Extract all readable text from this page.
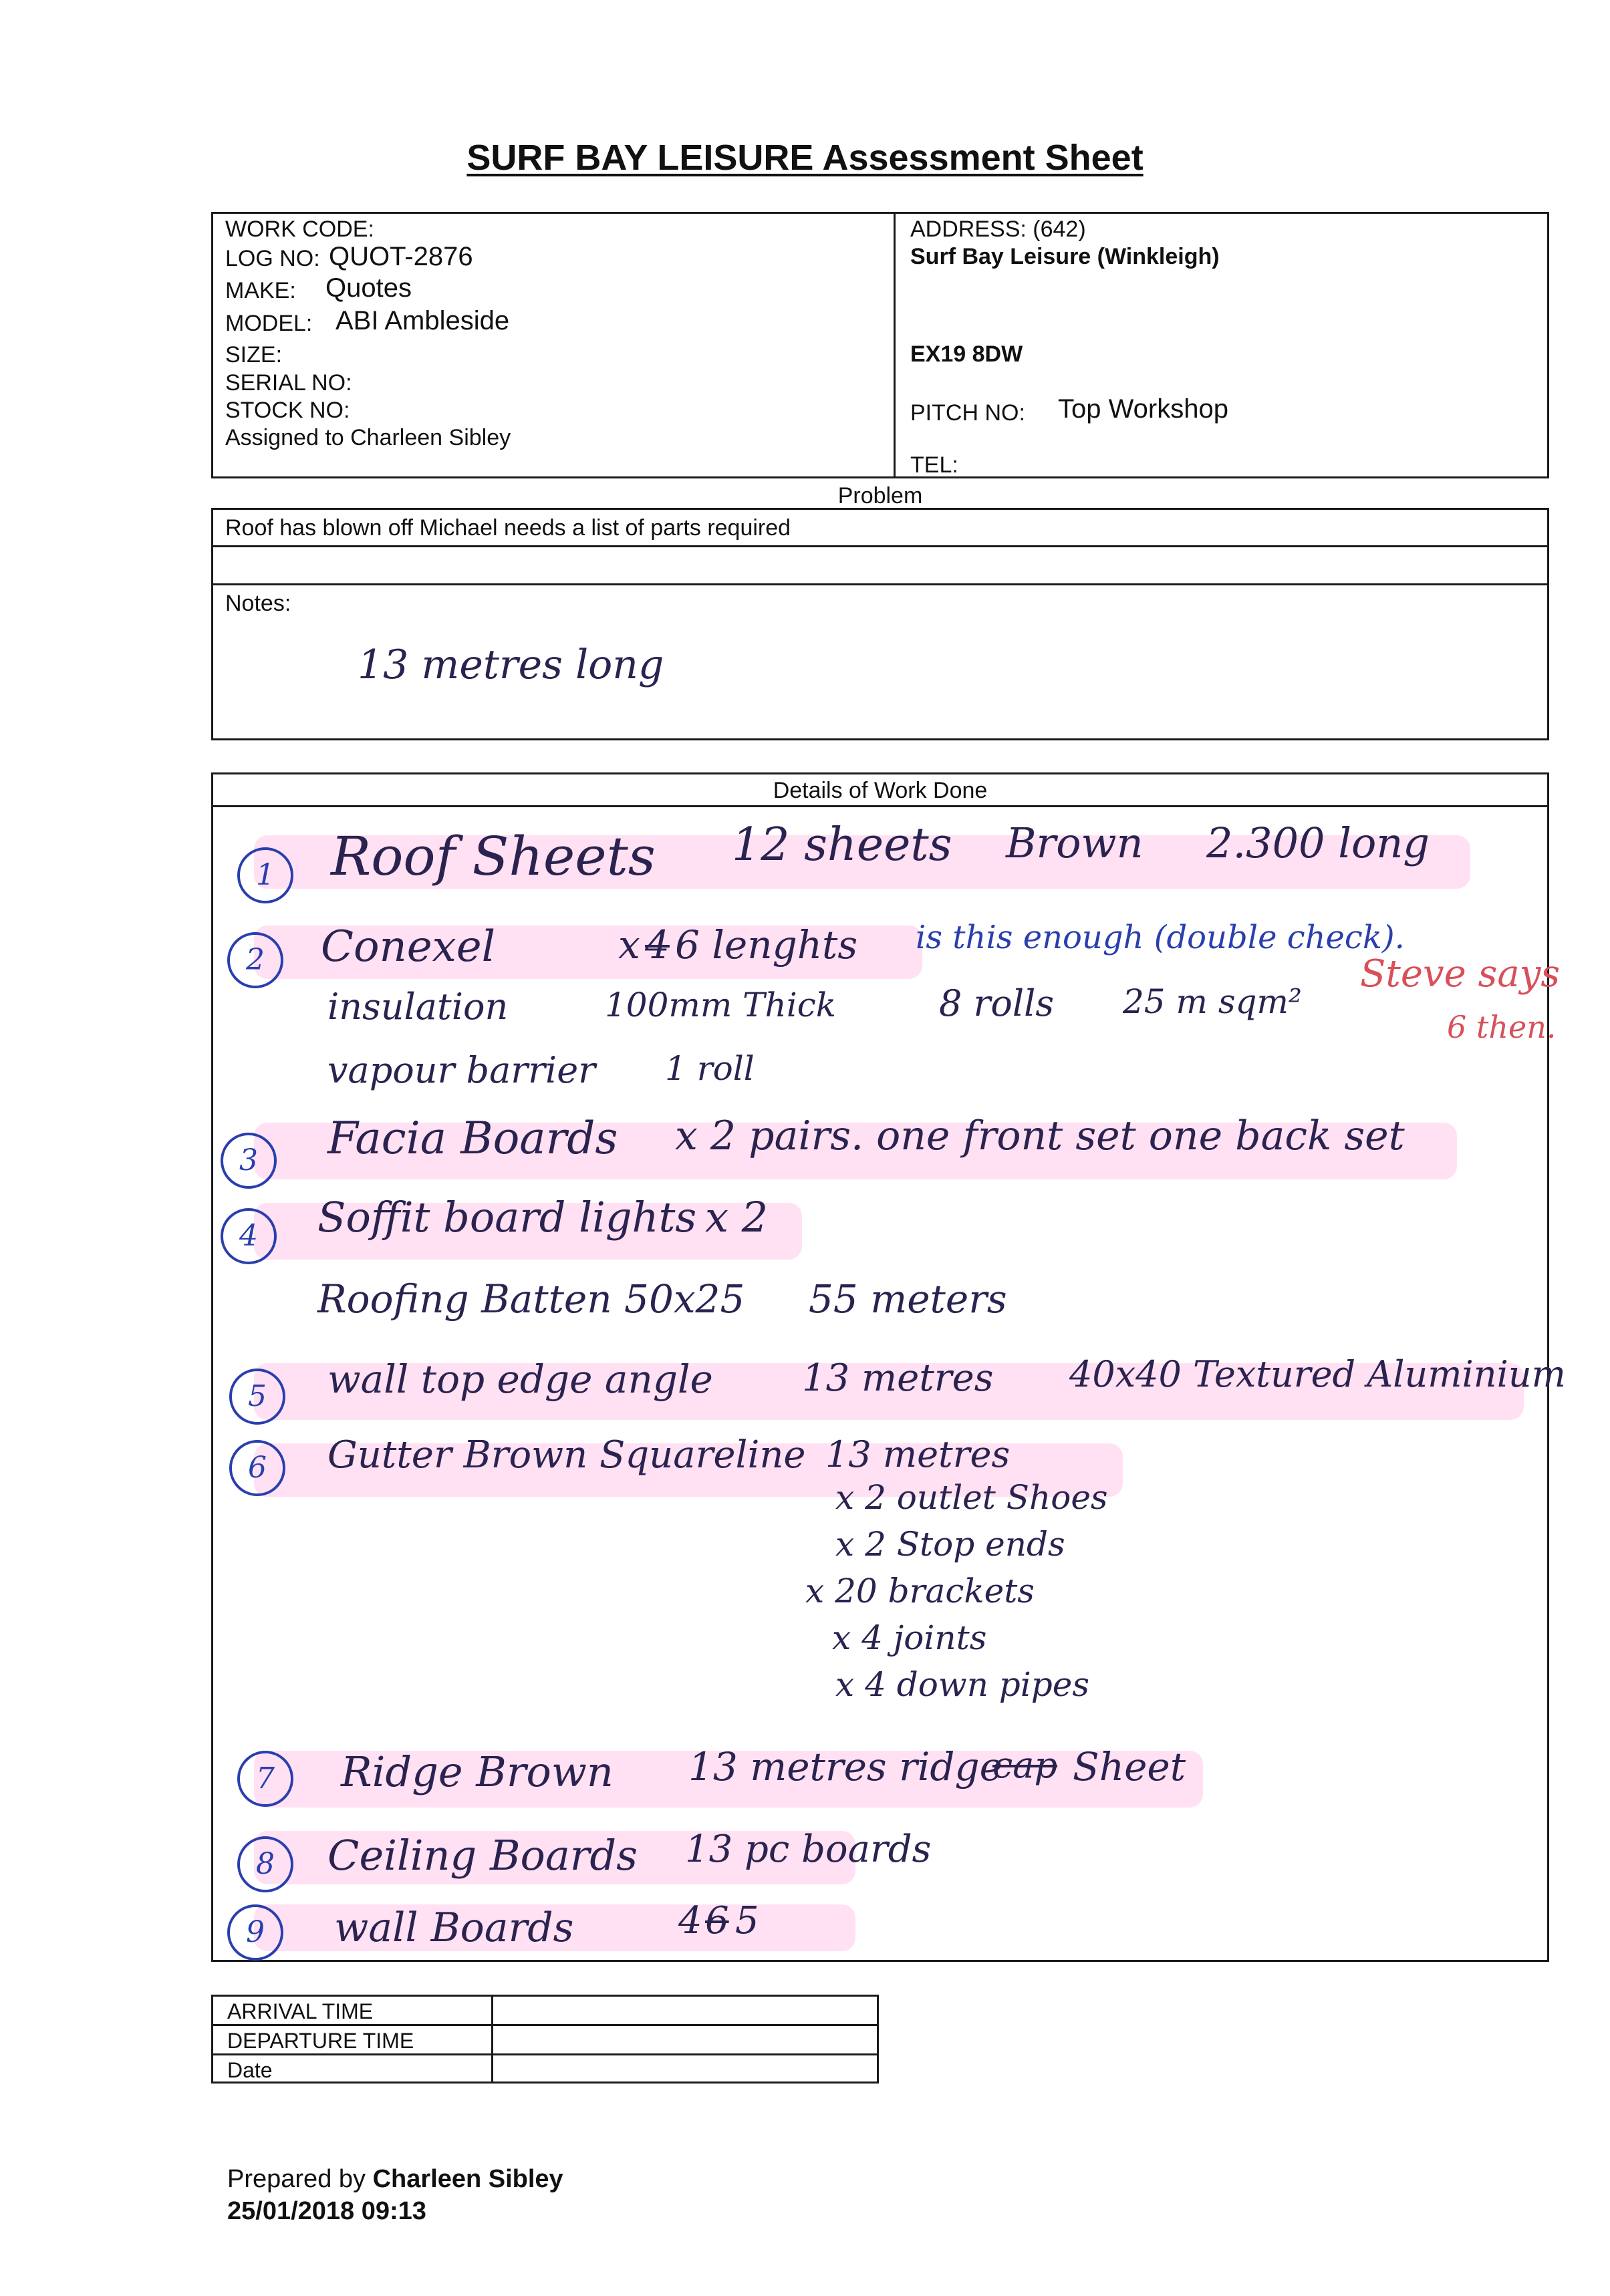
SURF BAY LEISURE Assessment Sheet
WORK CODE:
LOG NO: QUOT-2876
MAKE: Quotes
MODEL: ABI Ambleside
SIZE:
SERIAL NO:
STOCK NO:
Assigned to Charleen Sibley
ADDRESS: (642)
Surf Bay Leisure (Winkleigh)
EX19 8DW
PITCH NO: Top Workshop
TEL:
Problem
Roof has blown off Michael needs a list of parts required
Notes:
13 metres long
Details of Work Done
1	Roof Sheets 12 sheets Brown 2.300 long
2	Conexel	x 4 6 lenghts is this enough (double check).
insulation	100mm Thick	8 rolls 25 m sqm²
Steve says
6 then.
vapour barrier 1 roll
3	Facia Boards x 2 pairs. one front set one back set
4	Soffit board lights x 2
Roofing Batten 50x25 55 meters
5	wall top edge angle 13 metres 40x40 Textured Aluminium
6	Gutter Brown Squareline 13 metres
x 2 outlet Shoes
x 2 Stop ends
x 20 brackets
x 4 joints
x 4 down pipes
7	Ridge Brown 13 metres ridge
cap Sheet
8	Ceiling Boards 13 pc boards
9	wall Boards	4 6 5
ARRIVAL TIME
DEPARTURE TIME
Date
Prepared by Charleen Sibley
25/01/2018 09:13
